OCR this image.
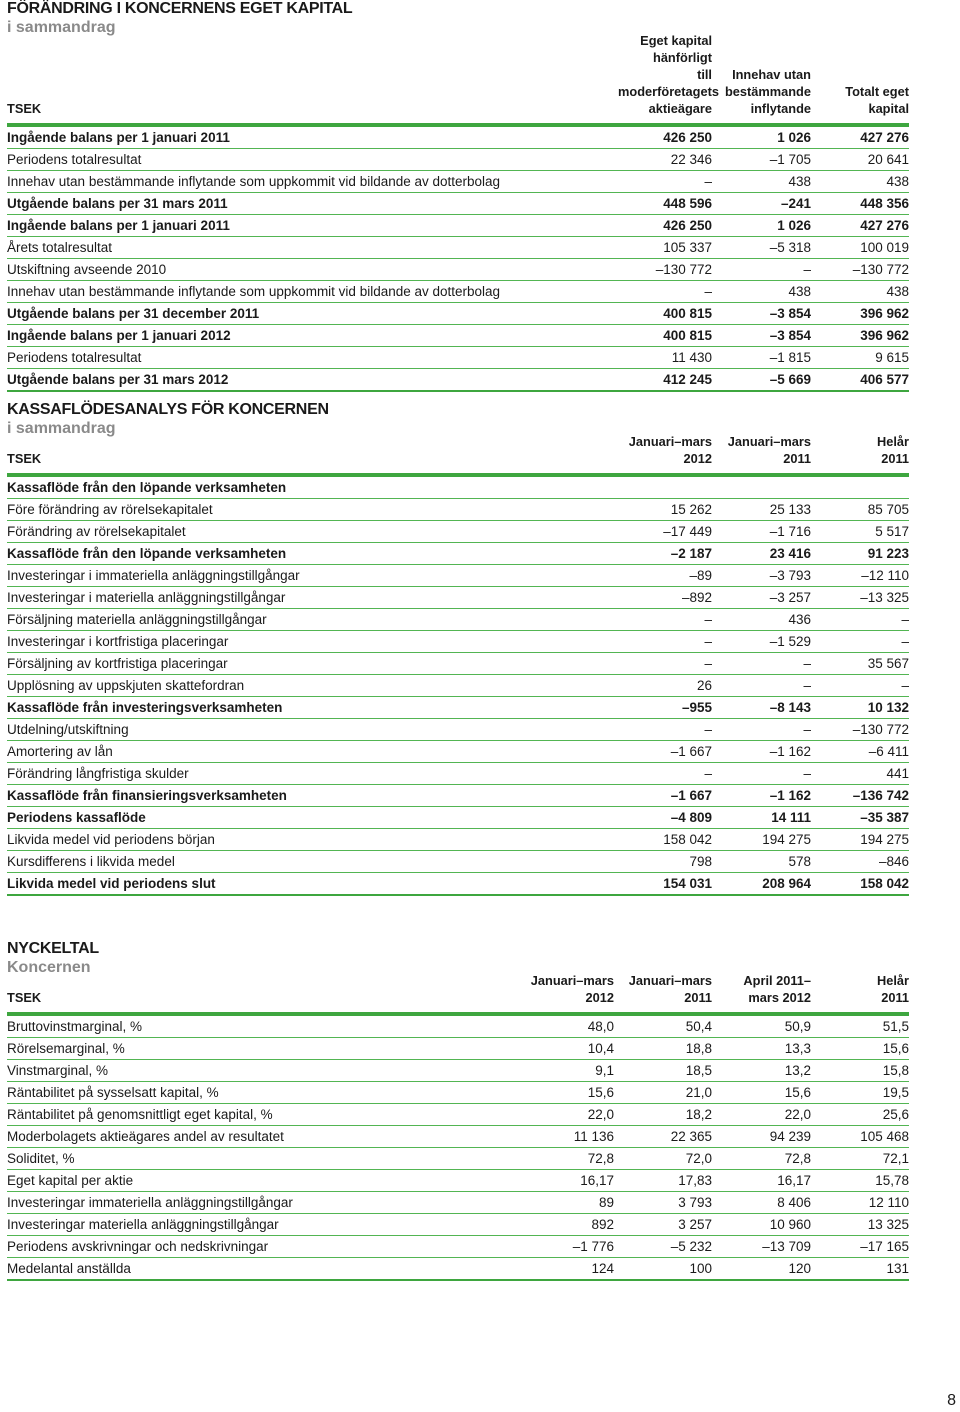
FÖRÄNDRING I KONCERNENS EGET KAPITAL
i sammandrag
TSEK	Eget kapital hänförligt
till moderföretagets
aktieägare	Innehav utan
bestämmande
inflytande	Totalt eget
kapital
Ingående balans per 1 januari 2011	426 250	1 026	427 276
Periodens totalresultat	22 346	–1 705	20 641
Innehav utan bestämmande inflytande som uppkommit vid bildande av dotterbolag	–	438	438
Utgående balans per 31 mars 2011	448 596	–241	448 356
Ingående balans per 1 januari 2011	426 250	1 026	427 276
Årets totalresultat	105 337	–5 318	100 019
Utskiftning avseende 2010	–130 772	–	–130 772
Innehav utan bestämmande inflytande som uppkommit vid bildande av dotterbolag	–	438	438
Utgående balans per 31 december 2011	400 815	–3 854	396 962
Ingående balans per 1 januari 2012	400 815	–3 854	396 962
Periodens totalresultat	11 430	–1 815	9 615
Utgående balans per 31 mars 2012	412 245	–5 669	406 577
KASSAFLÖDESANALYS FÖR KONCERNEN
i sammandrag
TSEK	Januari–mars
2012	Januari–mars
2011	Helår
2011
Kassaflöde från den löpande verksamheten			
Före förändring av rörelsekapitalet	15 262	25 133	85 705
Förändring av rörelsekapitalet	–17 449	–1 716	5 517
Kassaflöde från den löpande verksamheten	–2 187	23 416	91 223
Investeringar i immateriella anläggningstillgångar	–89	–3 793	–12 110
Investeringar i materiella anläggningstillgångar	–892	–3 257	–13 325
Försäljning materiella anläggningstillgångar	–	436	–
Investeringar i kortfristiga placeringar	–	–1 529	–
Försäljning av kortfristiga placeringar	–	–	35 567
Upplösning av uppskjuten skattefordran	26	–	–
Kassaflöde från investeringsverksamheten	–955	–8 143	10 132
Utdelning/utskiftning	–	–	–130 772
Amortering av lån	–1 667	–1 162	–6 411
Förändring långfristiga skulder	–	–	441
Kassaflöde från finansieringsverksamheten	–1 667	–1 162	–136 742
Periodens kassaflöde	–4 809	14 111	–35 387
Likvida medel vid periodens början	158 042	194 275	194 275
Kursdifferens i likvida medel	798	578	–846
Likvida medel vid periodens slut	154 031	208 964	158 042
NYCKELTAL
Koncernen
TSEK	Januari–mars
2012	Januari–mars
2011	April 2011–
mars 2012	Helår
2011
Bruttovinstmarginal, %	48,0	50,4	50,9	51,5
Rörelsemarginal, %	10,4	18,8	13,3	15,6
Vinstmarginal, %	9,1	18,5	13,2	15,8
Räntabilitet på sysselsatt kapital, %	15,6	21,0	15,6	19,5
Räntabilitet på genomsnittligt eget kapital, %	22,0	18,2	22,0	25,6
Moderbolagets aktieägares andel av resultatet	11 136	22 365	94 239	105 468
Soliditet, %	72,8	72,0	72,8	72,1
Eget kapital per aktie	16,17	17,83	16,17	15,78
Investeringar immateriella anläggningstillgångar	89	3 793	8 406	12 110
Investeringar materiella anläggningstillgångar	892	3 257	10 960	13 325
Periodens avskrivningar och nedskrivningar	–1 776	–5 232	–13 709	–17 165
Medelantal anställda	124	100	120	131
8
